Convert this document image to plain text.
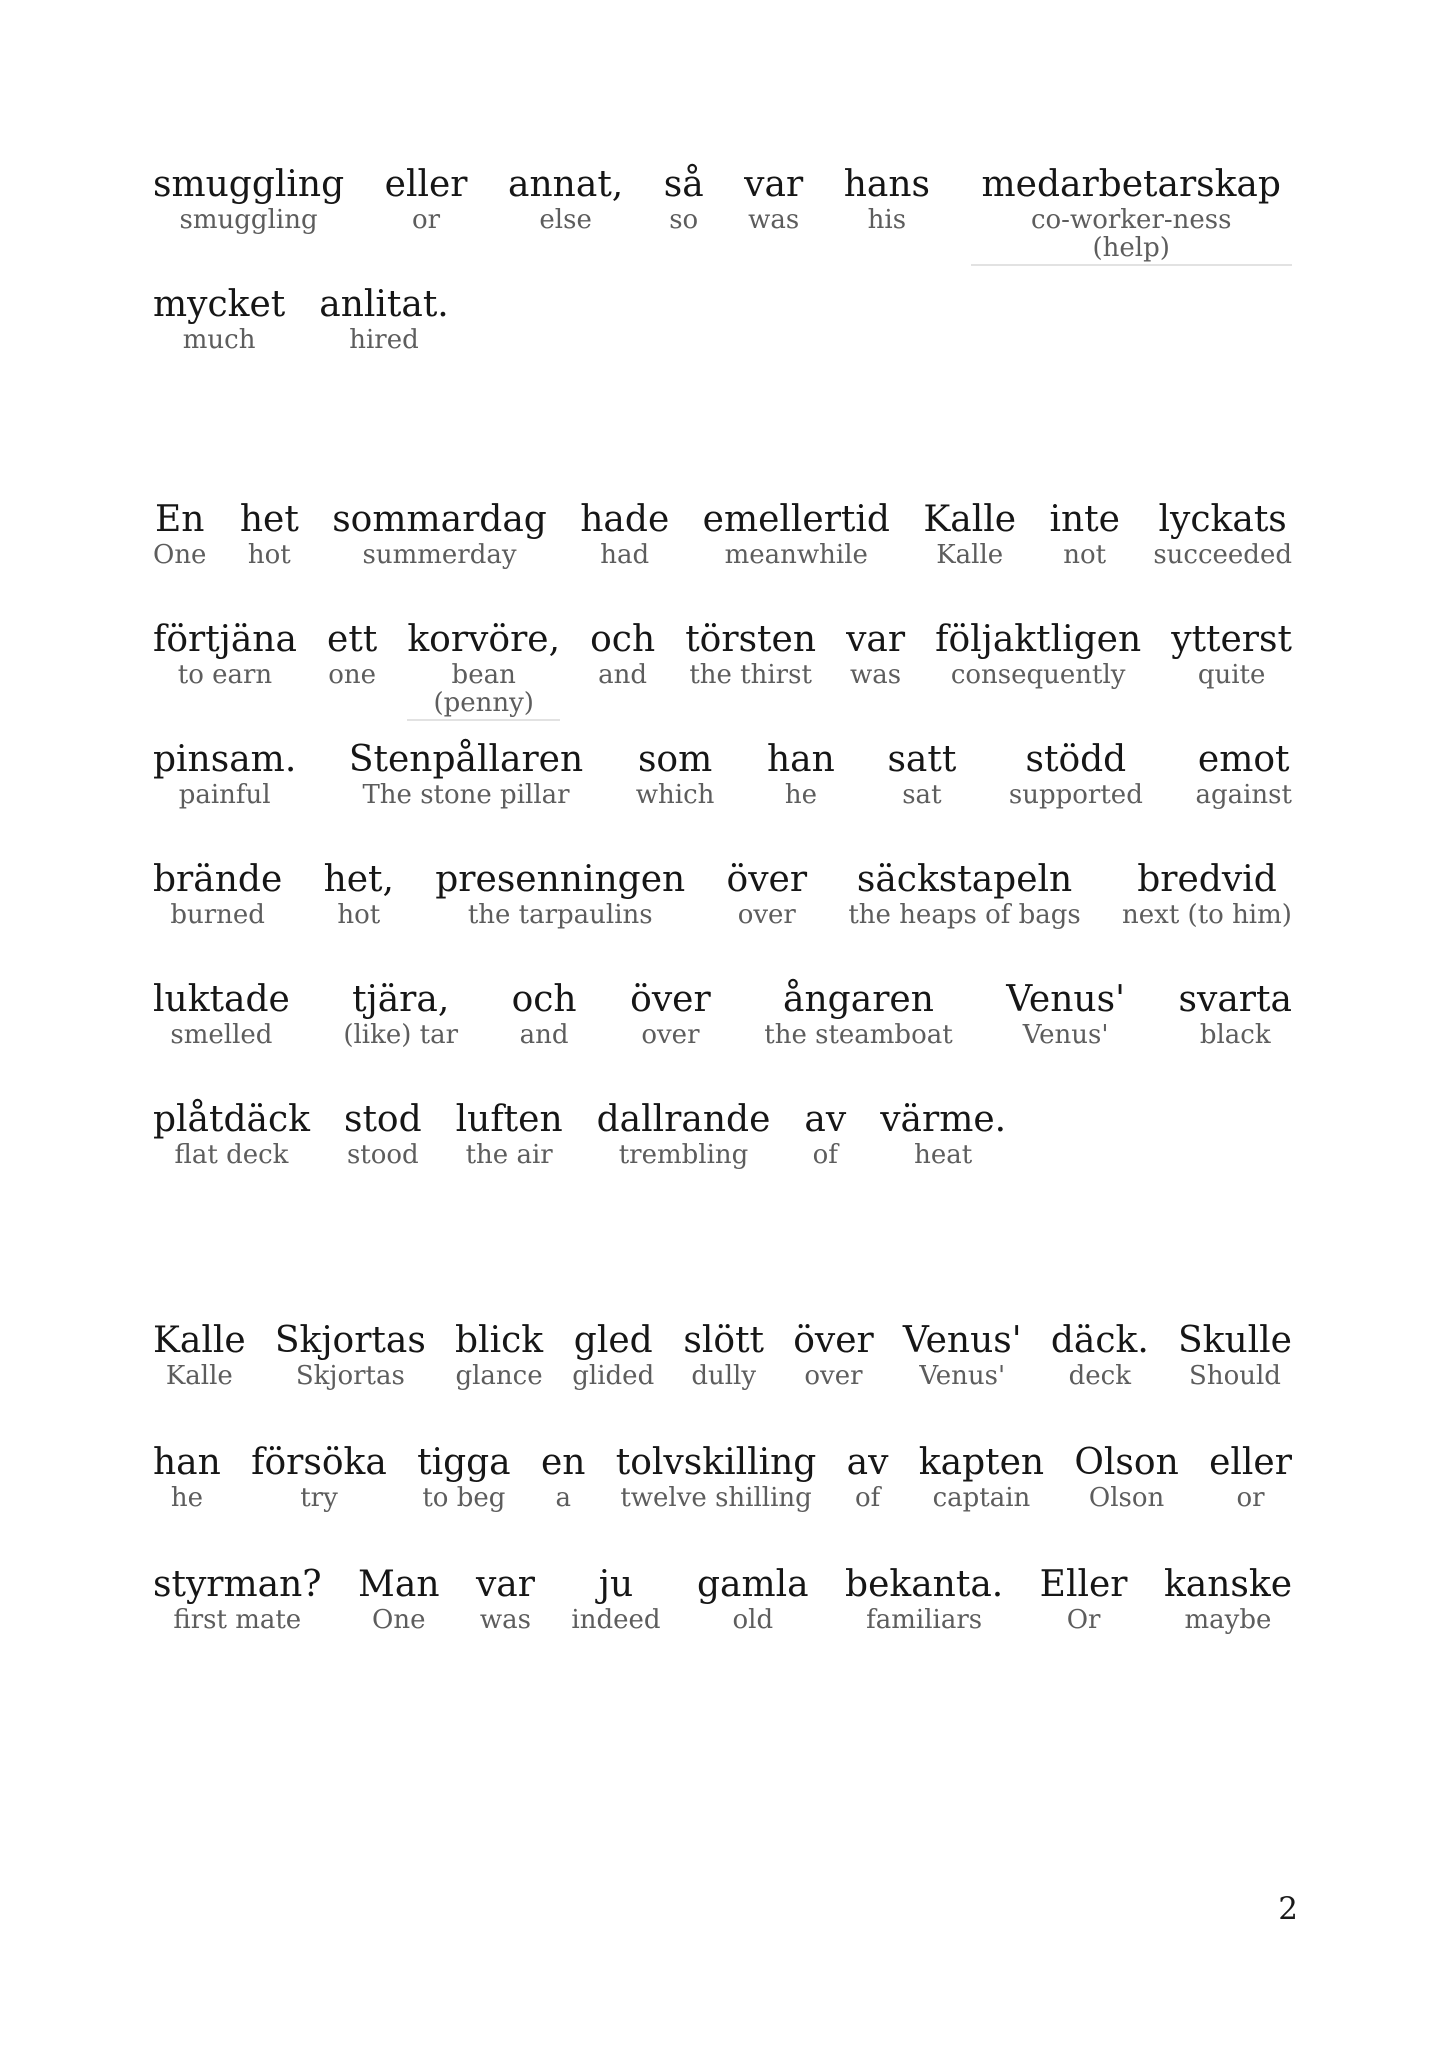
smuggling
smuggling
eller
or
annat,
else
så
so
var
was
hans
his
medarbetarskap
co-worker-ness
(help)
mycket
much
anlitat.
hired
En
One
het
hot
sommardag
summerday
hade
had
emellertid
meanwhile
Kalle
Kalle
inte
not
lyckats
succeeded
förtjäna
to earn
ett
one
korvöre,
bean
(penny)
och
and
törsten
the thirst
var
was
följaktligen
consequently
ytterst
quite
pinsam.
painful
Stenpållaren
The stone pillar
som
which
han
he
satt
sat
stödd
supported
emot
against
brände
burned
het,
hot
presenningen
the tarpaulins
över
over
säckstapeln
the heaps of bags
bredvid
next (to him)
luktade
smelled
tjära,
(like) tar
och
and
över
over
ångaren
the steamboat
Venus'
Venus'
svarta
black
plåtdäck
flat deck
stod
stood
luften
the air
dallrande
trembling
av
of
värme.
heat
Kalle
Kalle
Skjortas
Skjortas
blick
glance
gled
glided
slött
dully
över
over
Venus'
Venus'
däck.
deck
Skulle
Should
han
he
försöka
try
tigga
to beg
en
a
tolvskilling
twelve shilling
av
of
kapten
captain
Olson
Olson
eller
or
styrman?
first mate
Man
One
var
was
ju
indeed
gamla
old
bekanta.
familiars
Eller
Or
kanske
maybe
2
